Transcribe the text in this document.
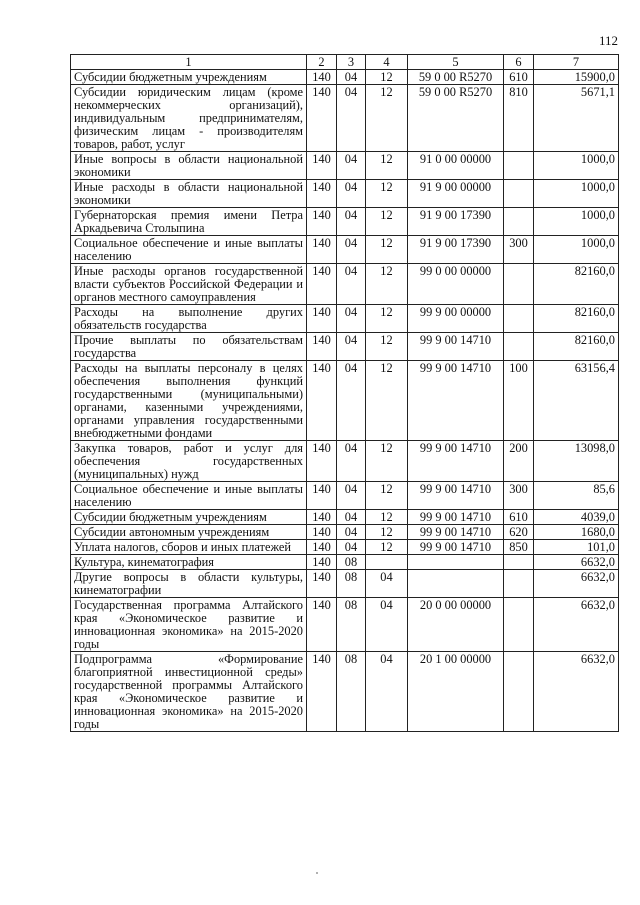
112
1	2	3	4	5	6	7
Субсидии бюджетным учреждениям	140	04	12	59 0 00 R5270	610	15900,0
Субсидии юридическим лицам (кроме некоммерческих организаций), индивидуальным предпринимателям, физическим лицам - производителям товаров, работ, услуг	140	04	12	59 0 00 R5270	810	5671,1
Иные вопросы в области национальной экономики	140	04	12	91 0 00 00000		1000,0
Иные расходы в области национальной экономики	140	04	12	91 9 00 00000		1000,0
Губернаторская премия имени Петра Аркадьевича Столыпина	140	04	12	91 9 00 17390		1000,0
Социальное обеспечение и иные выплаты населению	140	04	12	91 9 00 17390	300	1000,0
Иные расходы органов государственной власти субъектов Российской Федерации и органов местного самоуправления	140	04	12	99 0 00 00000		82160,0
Расходы на выполнение других обязательств государства	140	04	12	99 9 00 00000		82160,0
Прочие выплаты по обязательствам государства	140	04	12	99 9 00 14710		82160,0
Расходы на выплаты персоналу в целях обеспечения выполнения функций государственными (муниципальными) органами, казенными учреждениями, органами управления государственными внебюджетными фондами	140	04	12	99 9 00 14710	100	63156,4
Закупка товаров, работ и услуг для обеспечения государственных (муниципальных) нужд	140	04	12	99 9 00 14710	200	13098,0
Социальное обеспечение и иные выплаты населению	140	04	12	99 9 00 14710	300	85,6
Субсидии бюджетным учреждениям	140	04	12	99 9 00 14710	610	4039,0
Субсидии автономным учреждениям	140	04	12	99 9 00 14710	620	1680,0
Уплата налогов, сборов и иных платежей	140	04	12	99 9 00 14710	850	101,0
Культура, кинематография	140	08				6632,0
Другие вопросы в области культуры, кинематографии	140	08	04			6632,0
Государственная программа Алтайского края «Экономическое развитие и инновационная экономика» на 2015-2020 годы	140	08	04	20 0 00 00000		6632,0
Подпрограмма «Формирование благоприятной инвестиционной среды» государственной программы Алтайского края «Экономическое развитие и инновационная экономика» на 2015-2020 годы	140	08	04	20 1 00 00000		6632,0
